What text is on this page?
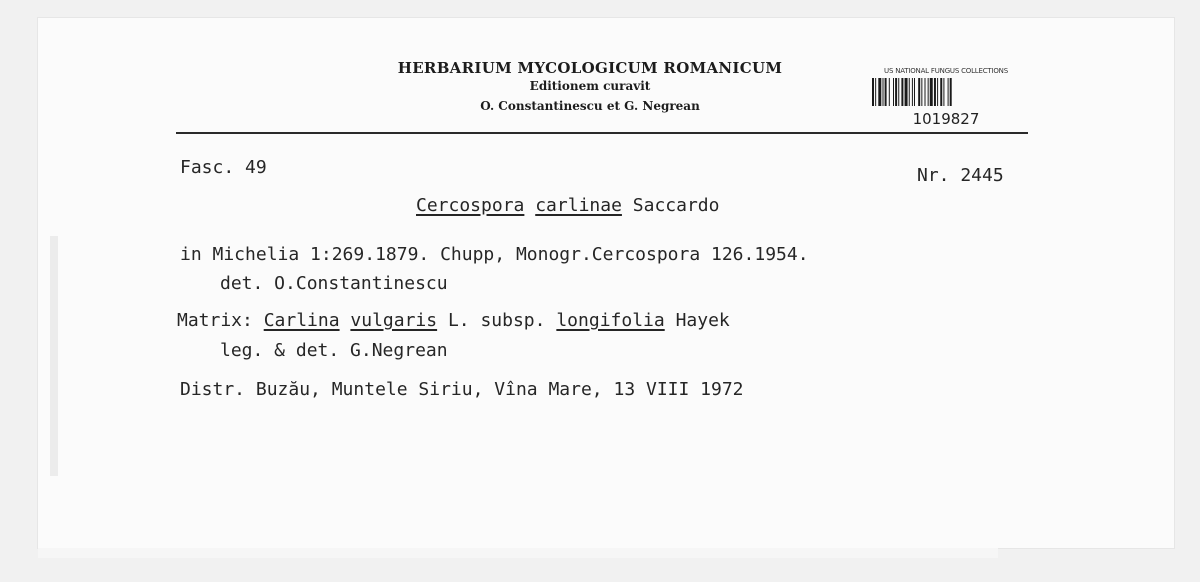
HERBARIUM MYCOLOGICUM ROMANICUM
Editionem curavit
O. Constantinescu et G. Negrean
US NATIONAL FUNGUS COLLECTIONS
1019827
Fasc. 49	Nr. 2445
Cercospora carlinae Saccardo
in Michelia 1:269.1879. Chupp, Monogr.Cercospora 126.1954.
det. O.Constantinescu
Matrix: Carlina vulgaris L. subsp. longifolia Hayek
leg. & det. G.Negrean
Distr. Buzău, Muntele Siriu, Vîna Mare, 13 VIII 1972
